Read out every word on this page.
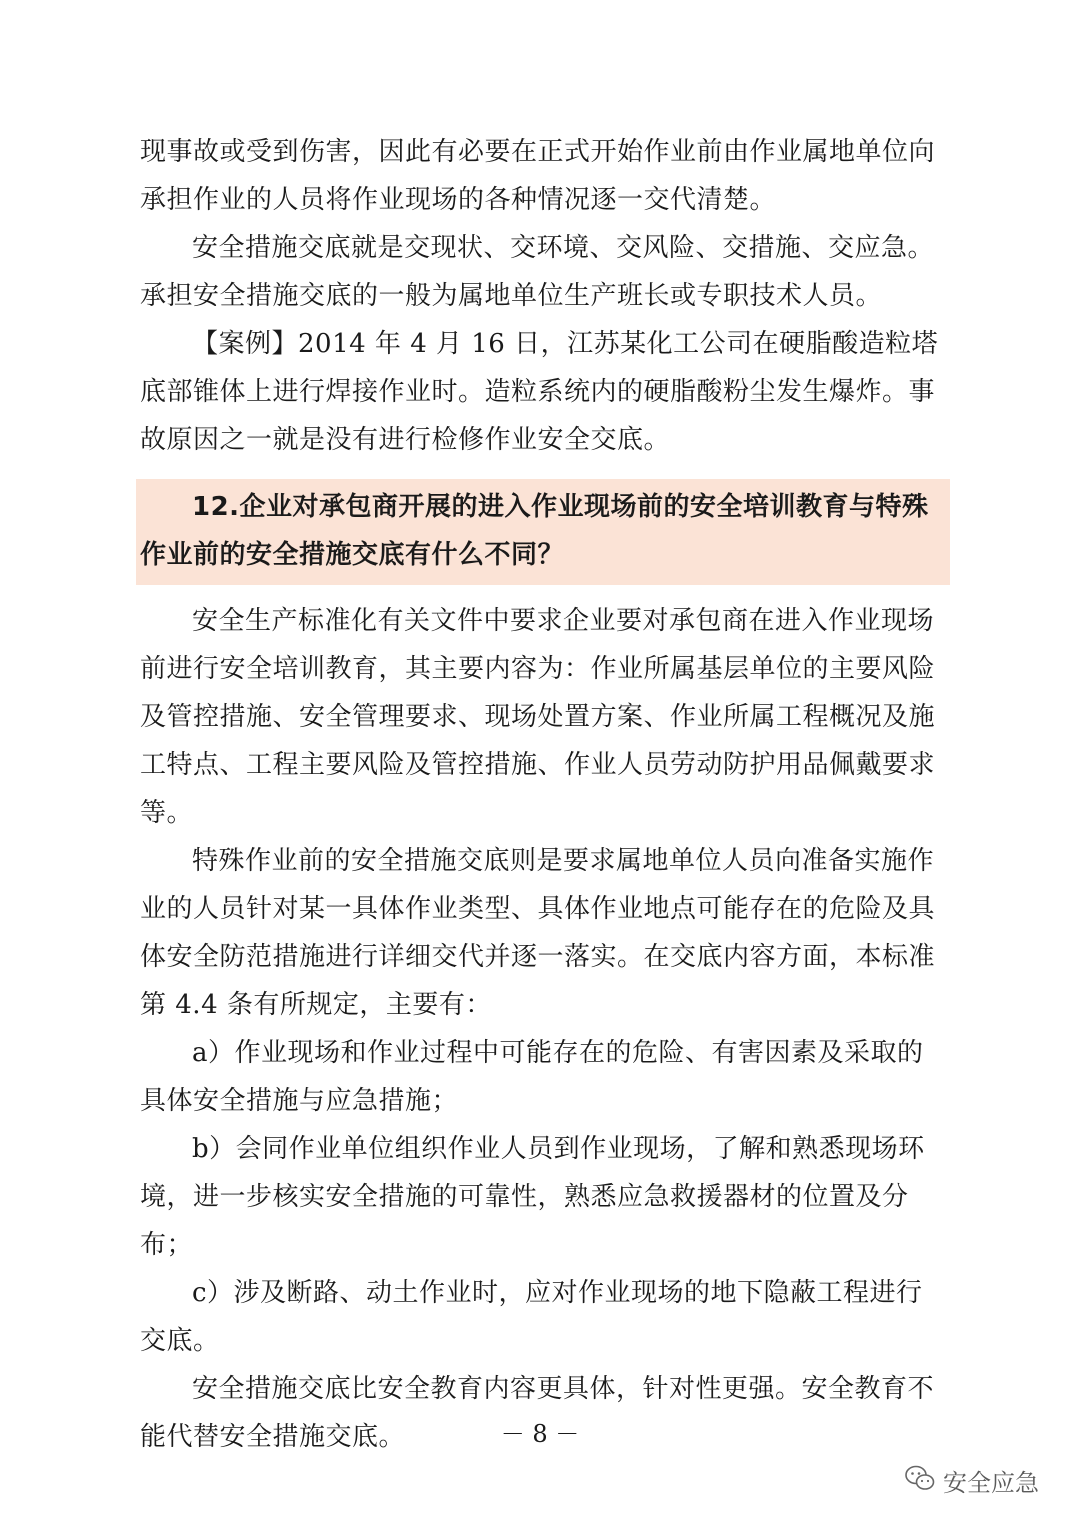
现事故或受到伤害，因此有必要在正式开始作业前由作业属地单位向承担作业的人员将作业现场的各种情况逐一交代清楚。

安全措施交底就是交现状、交环境、交风险、交措施、交应急。承担安全措施交底的一般为属地单位生产班长或专职技术人员。

【案例】2014 年 4 月 16 日，江苏某化工公司在硬脂酸造粒塔底部锥体上进行焊接作业时。造粒系统内的硬脂酸粉尘发生爆炸。事故原因之一就是没有进行检修作业安全交底。

12.企业对承包商开展的进入作业现场前的安全培训教育与特殊作业前的安全措施交底有什么不同？

安全生产标准化有关文件中要求企业要对承包商在进入作业现场前进行安全培训教育，其主要内容为：作业所属基层单位的主要风险及管控措施、安全管理要求、现场处置方案、作业所属工程概况及施工特点、工程主要风险及管控措施、作业人员劳动防护用品佩戴要求等。

特殊作业前的安全措施交底则是要求属地单位人员向准备实施作业的人员针对某一具体作业类型、具体作业地点可能存在的危险及具体安全防范措施进行详细交代并逐一落实。在交底内容方面，本标准第 4.4 条有所规定，主要有：

a）作业现场和作业过程中可能存在的危险、有害因素及采取的具体安全措施与应急措施；

b）会同作业单位组织作业人员到作业现场，了解和熟悉现场环境，进一步核实安全措施的可靠性，熟悉应急救援器材的位置及分布；

c）涉及断路、动土作业时，应对作业现场的地下隐蔽工程进行交底。

安全措施交底比安全教育内容更具体，针对性更强。安全教育不能代替安全措施交底。	－ 8 －
安全应急
